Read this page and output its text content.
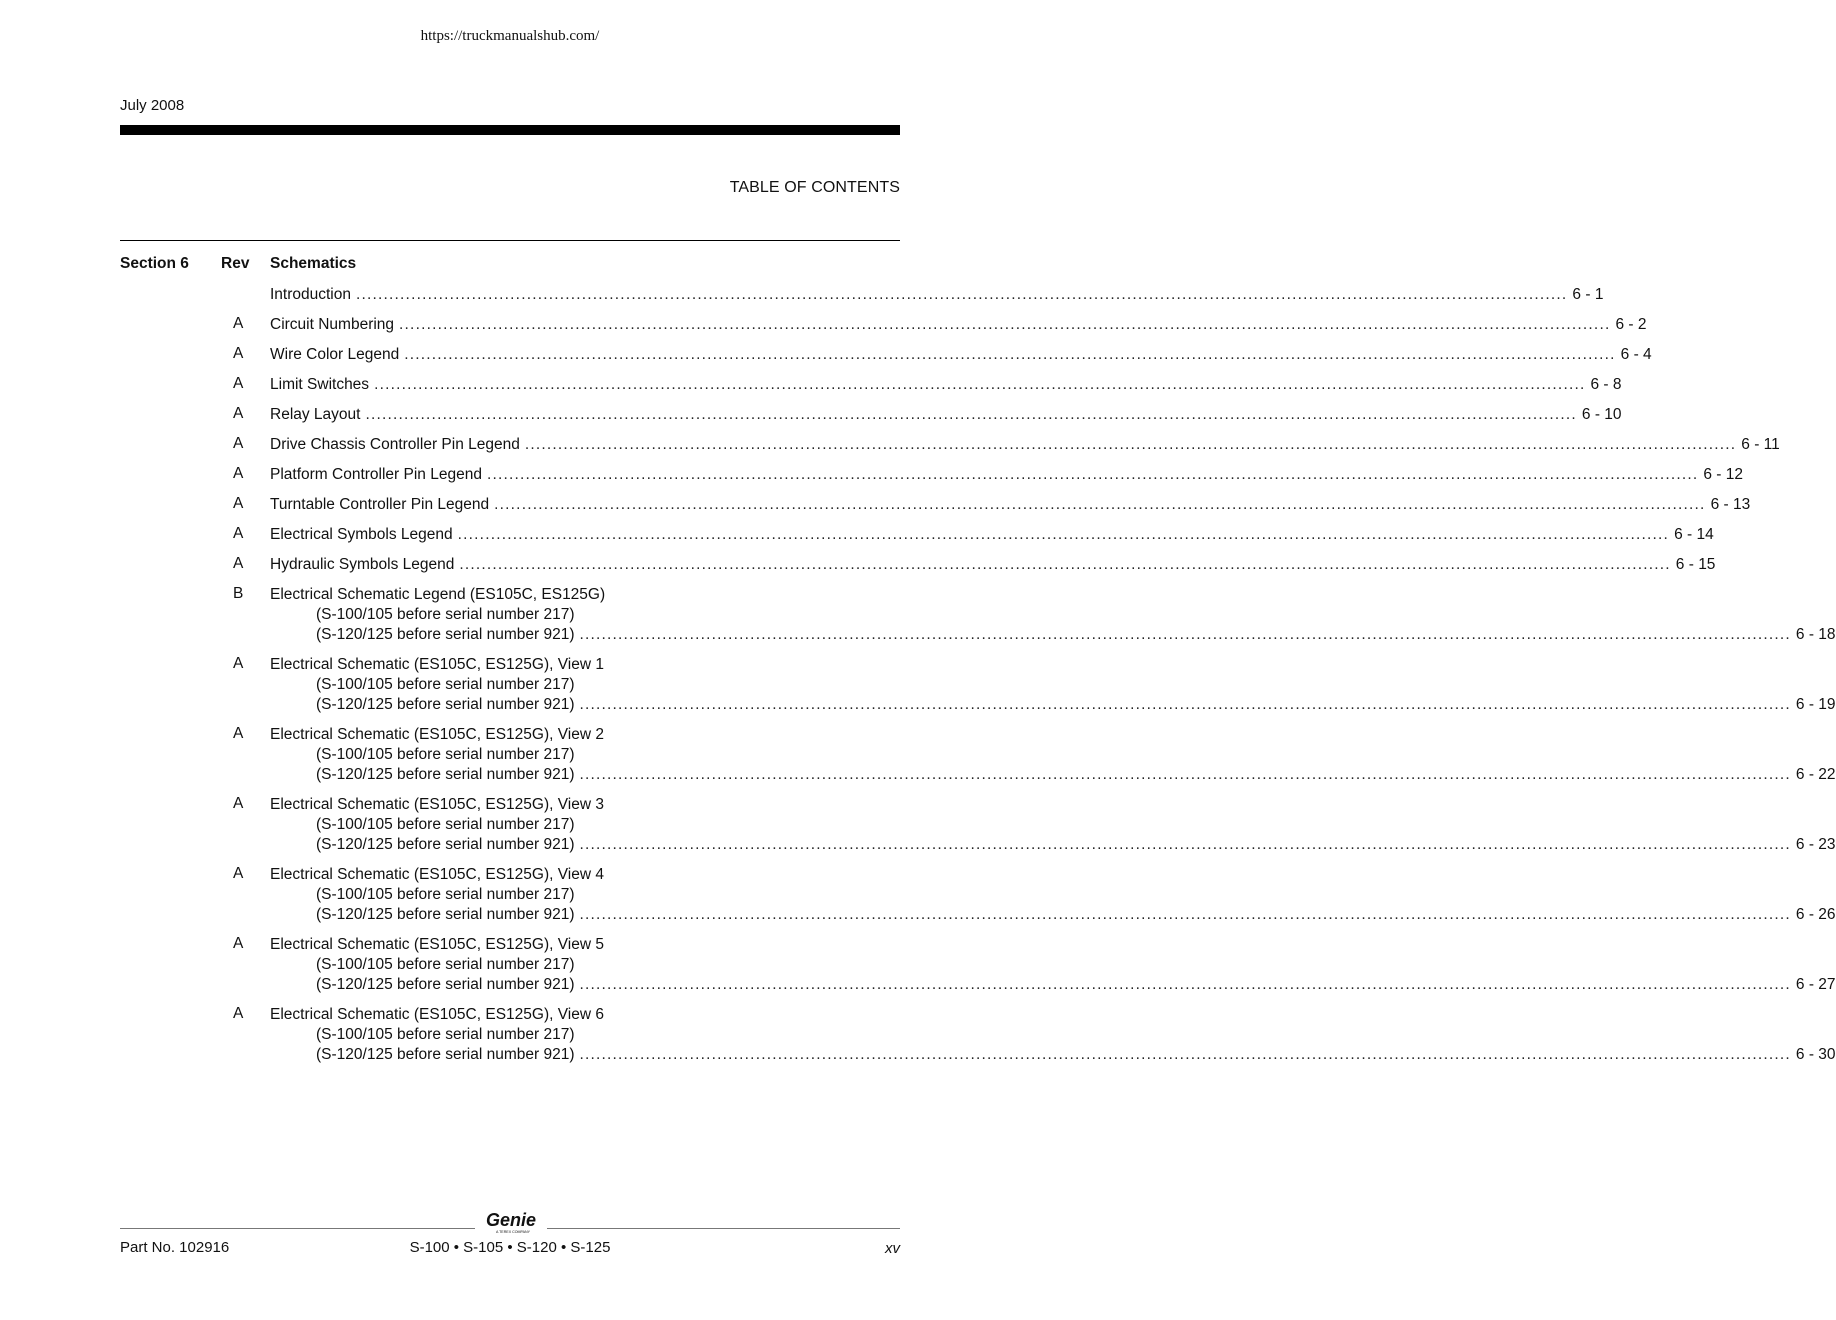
https://truckmanualshub.com/
July 2008
TABLE OF CONTENTS
Section 6 Rev Schematics
Introduction ............................................................................................................................................................................................................................ 6 - 1
A Circuit Numbering ............................................................................................................................................................................................................................ 6 - 2
A Wire Color Legend ............................................................................................................................................................................................................................ 6 - 4
A Limit Switches ............................................................................................................................................................................................................................ 6 - 8
A Relay Layout ............................................................................................................................................................................................................................ 6 - 10
A Drive Chassis Controller Pin Legend ............................................................................................................................................................................................................................ 6 - 11
A Platform Controller Pin Legend ............................................................................................................................................................................................................................ 6 - 12
A Turntable Controller Pin Legend ............................................................................................................................................................................................................................ 6 - 13
A Electrical Symbols Legend ............................................................................................................................................................................................................................ 6 - 14
A Hydraulic Symbols Legend ............................................................................................................................................................................................................................ 6 - 15
B	Electrical Schematic Legend (ES105C, ES125G)
(S-100/105 before serial number 217)
(S-120/125 before serial number 921) ............................................................................................................................................................................................................................ 6 - 18
A	Electrical Schematic (ES105C, ES125G), View 1
(S-100/105 before serial number 217)
(S-120/125 before serial number 921) ............................................................................................................................................................................................................................ 6 - 19
A	Electrical Schematic (ES105C, ES125G), View 2
(S-100/105 before serial number 217)
(S-120/125 before serial number 921) ............................................................................................................................................................................................................................ 6 - 22
A	Electrical Schematic (ES105C, ES125G), View 3
(S-100/105 before serial number 217)
(S-120/125 before serial number 921) ............................................................................................................................................................................................................................ 6 - 23
A	Electrical Schematic (ES105C, ES125G), View 4
(S-100/105 before serial number 217)
(S-120/125 before serial number 921) ............................................................................................................................................................................................................................ 6 - 26
A	Electrical Schematic (ES105C, ES125G), View 5
(S-100/105 before serial number 217)
(S-120/125 before serial number 921) ............................................................................................................................................................................................................................ 6 - 27
A	Electrical Schematic (ES105C, ES125G), View 6
(S-100/105 before serial number 217)
(S-120/125 before serial number 921) ............................................................................................................................................................................................................................ 6 - 30
Genie
A TEREX COMPANY
Part No. 102916	S-100 • S-105 • S-120 • S-125	xv
